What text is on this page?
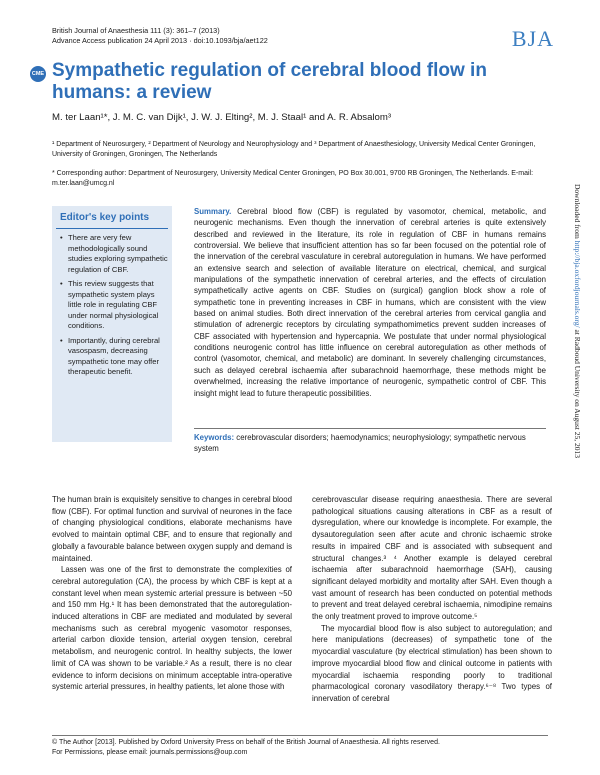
British Journal of Anaesthesia 111 (3): 361–7 (2013)
Advance Access publication 24 April 2013 · doi:10.1093/bja/aet122	BJA
CME Sympathetic regulation of cerebral blood flow in humans: a review
M. ter Laan¹*, J. M. C. van Dijk¹, J. W. J. Elting², M. J. Staal¹ and A. R. Absalom³
¹ Department of Neurosurgery, ² Department of Neurology and Neurophysiology and ³ Department of Anaesthesiology, University Medical Center Groningen, University of Groningen, Groningen, The Netherlands
* Corresponding author: Department of Neurosurgery, University Medical Center Groningen, PO Box 30.001, 9700 RB Groningen, The Netherlands. E-mail: m.ter.laan@umcg.nl
Editor's key points
• There are very few methodologically sound studies exploring sympathetic regulation of CBF.
• This review suggests that sympathetic system plays little role in regulating CBF under normal physiological conditions.
• Importantly, during cerebral vasospasm, decreasing sympathetic tone may offer therapeutic benefit.
Summary. Cerebral blood flow (CBF) is regulated by vasomotor, chemical, metabolic, and neurogenic mechanisms. Even though the innervation of cerebral arteries is quite extensively described and reviewed in the literature, its role in regulation of CBF in humans remains controversial. We believe that insufficient attention has so far been focused on the potential role of the innervation of the cerebral vasculature in cerebral autoregulation in humans. We have performed an extensive search and selection of available literature on electrical, chemical, and surgical manipulations of the sympathetic innervation of cerebral arteries, and the effects of circulation sympathetically active agents on CBF. Studies on (surgical) ganglion block show a role of sympathetic tone in preventing increases in CBF in humans, which are consistent with the view based on animal studies. Both direct innervation of the cerebral arteries from cervical ganglia and stimulation of adrenergic receptors by circulating sympathomimetics prevent sudden increases of CBF associated with hypertension and hypercapnia. We postulate that under normal physiological conditions neurogenic control has little influence on cerebral autoregulation as other methods of control (vasomotor, chemical, and metabolic) are dominant. In severely challenging circumstances, such as delayed cerebral ischaemia after subarachnoid haemorrhage, these methods might be overwhelmed, increasing the relative importance of neurogenic, sympathetic control of CBF. This insight might lead to future therapeutic possibilities.
Keywords: cerebrovascular disorders; haemodynamics; neurophysiology; sympathetic nervous system

The human brain is exquisitely sensitive to changes in cerebral blood flow (CBF). For optimal function and survival of neurones in the face of changing physiological conditions, elaborate mechanisms have evolved to maintain optimal CBF, and to ensure that regionally and globally a favourable balance between oxygen supply and demand is maintained.

Lassen was one of the first to demonstrate the complexities of cerebral autoregulation (CA), the process by which CBF is kept at a constant level when mean systemic arterial pressure is between ~50 and 150 mm Hg.¹ It has been demonstrated that the autoregulation-induced alterations in CBF are mediated and modulated by several mechanisms such as cerebral myogenic vasomotor responses, arterial carbon dioxide tension, arterial oxygen tension, cerebral metabolism, and neurogenic control. In healthy subjects, the lower limit of CA was shown to be variable.² As a result, there is no clear evidence to inform decisions on minimum acceptable intra-operative systemic arterial pressures, in healthy patients, let alone those with

cerebrovascular disease requiring anaesthesia. There are several pathological situations causing alterations in CBF as a result of dysregulation, where our knowledge is incomplete. For example, the dysautoregulation seen after acute and chronic ischaemic stroke results in impaired CBF and is associated with subsequent and structural changes.³ ⁴ Another example is delayed cerebral ischaemia after subarachnoid haemorrhage (SAH), causing significant delayed morbidity and mortality after SAH. Even though a vast amount of research has been conducted on potential methods to prevent and treat delayed cerebral ischaemia, nimodipine remains the only treatment proved to improve outcome.⁵

The myocardial blood flow is also subject to autoregulation; and here manipulations (decreases) of sympathetic tone of the myocardial vasculature (by electrical stimulation) has been shown to improve myocardial blood flow and clinical outcome in patients with myocardial ischaemia responding poorly to traditional pharmacological coronary vasodilatory therapy.⁶⁻⁸ Two types of innervation of cerebral

© The Author [2013]. Published by Oxford University Press on behalf of the British Journal of Anaesthesia. All rights reserved.
For Permissions, please email: journals.permissions@oup.com
Downloaded from http://bja.oxfordjournals.org/ at Radboud University on August 25, 2013
